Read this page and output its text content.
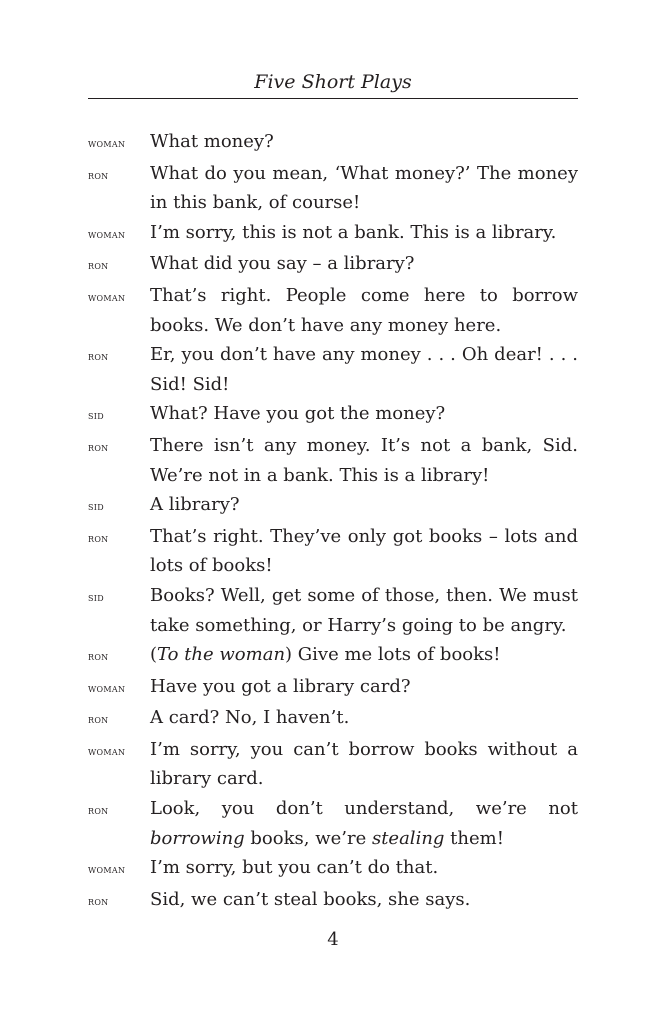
Five Short Plays
woman	What money?
ron	What do you mean, ‘What money?’ The money in this bank, of course!
woman	I’m sorry, this is not a bank. This is a library.
ron	What did you say – a library?
woman	That’s right. People come here to borrow books. We don’t have any money here.
ron	Er, you don’t have any money . . . Oh dear! . . . Sid! Sid!
sid	What? Have you got the money?
ron	There isn’t any money. It’s not a bank, Sid. We’re not in a bank. This is a library!
sid	A library?
ron	That’s right. They’ve only got books – lots and lots of books!
sid	Books? Well, get some of those, then. We must take something, or Harry’s going to be angry.
ron	(To the woman) Give me lots of books!
woman	Have you got a library card?
ron	A card? No, I haven’t.
woman	I’m sorry, you can’t borrow books without a library card.
ron	Look, you don’t understand, we’re not borrowing books, we’re stealing them!
woman	I’m sorry, but you can’t do that.
ron	Sid, we can’t steal books, she says.
4
